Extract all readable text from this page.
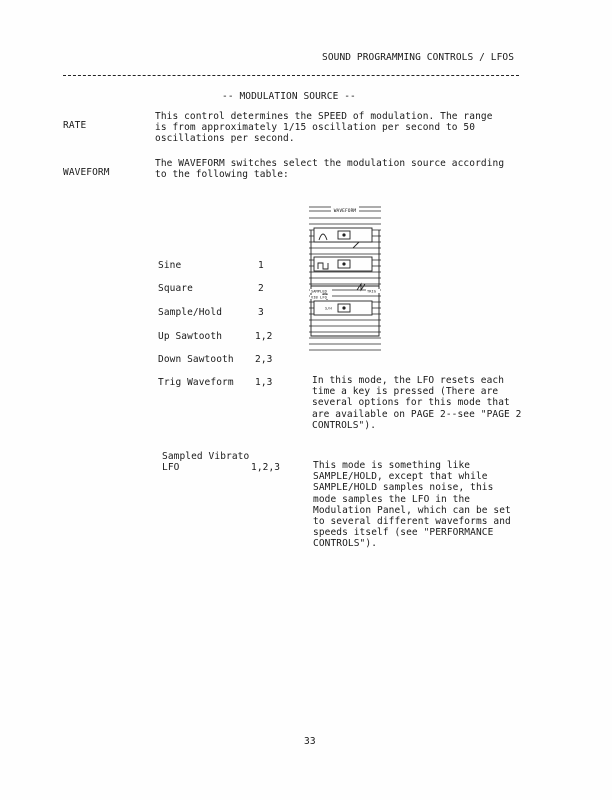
SOUND PROGRAMMING CONTROLS / LFOS
-- MODULATION SOURCE --
RATE
This control determines the SPEED of modulation. The range
is from approximately 1/15 oscillation per second to 50
oscillations per second.
WAVEFORM
The WAVEFORM switches select the modulation source according
to the following table:
Sine	1
Square	2
Sample/Hold	3
Up Sawtooth	1,2
Down Sawtooth 2,3
Trig Waveform 1,3
Sampled Vibrato
LFO	1,2,3
In this mode, the LFO resets each
time a key is pressed (There are
several options for this mode that
are available on PAGE 2--see "PAGE 2
CONTROLS").
This mode is something like
SAMPLE/HOLD, except that while
SAMPLE/HOLD samples noise, this
mode samples the LFO in the
Modulation Panel, which can be set
to several different waveforms and
speeds itself (see "PERFORMANCE
CONTROLS").
WAVEFORM
SAMPLED
VIB LFO
TRIG
S/H
33
